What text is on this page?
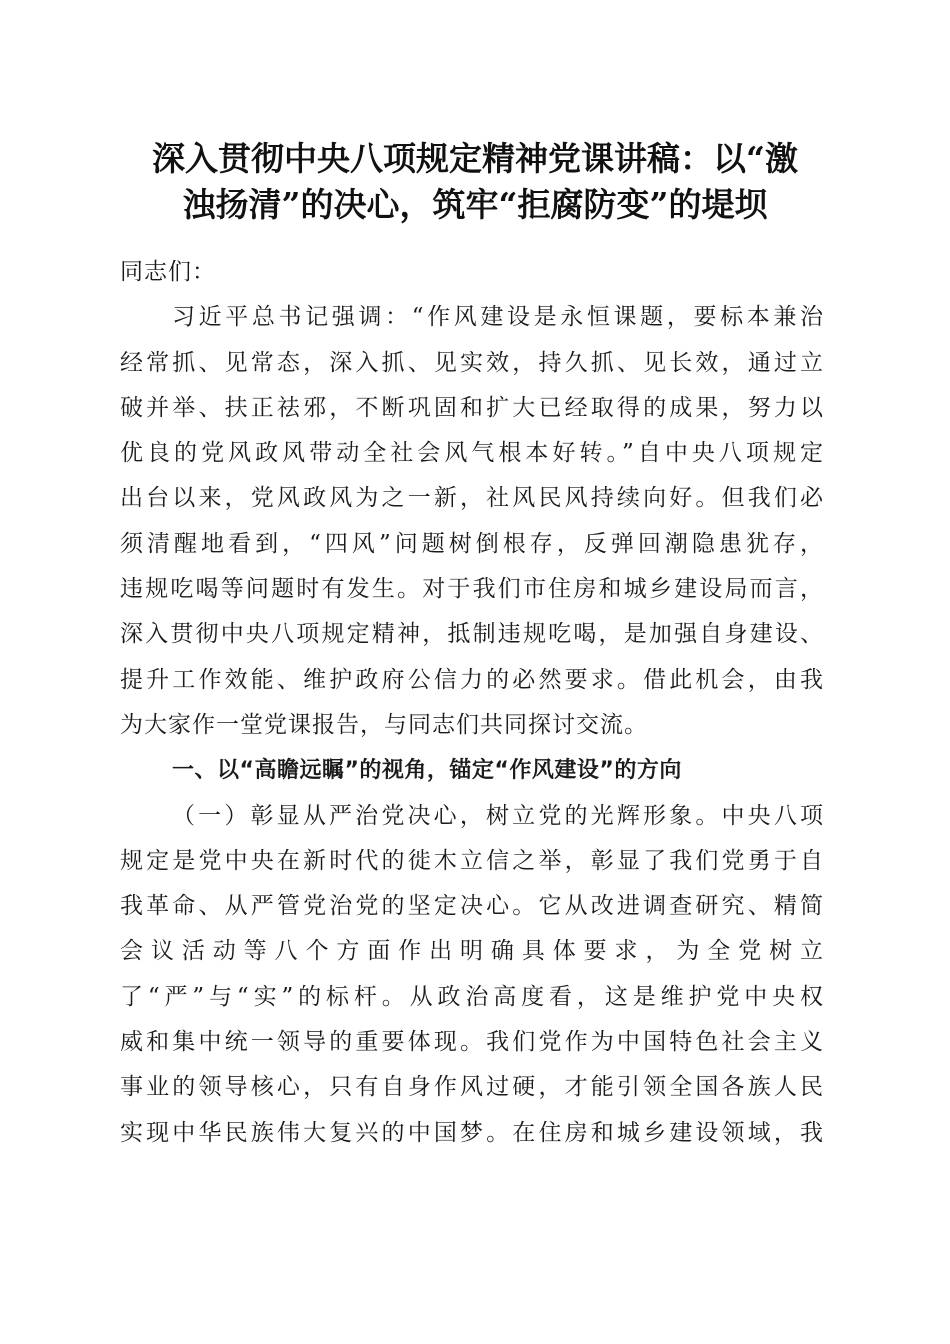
深入贯彻中央八项规定精神党课讲稿：以“激
浊扬清”的决心，筑牢“拒腐防变”的堤坝
同志们：
习近平总书记强调：“作风建设是永恒课题，要标本兼治
经常抓、见常态，深入抓、见实效，持久抓、见长效，通过立
破并举、扶正祛邪，不断巩固和扩大已经取得的成果，努力以
优良的党风政风带动全社会风气根本好转。”自中央八项规定
出台以来，党风政风为之一新，社风民风持续向好。但我们必
须清醒地看到，“四风”问题树倒根存，反弹回潮隐患犹存，
违规吃喝等问题时有发生。对于我们市住房和城乡建设局而言，
深入贯彻中央八项规定精神，抵制违规吃喝，是加强自身建设、
提升工作效能、维护政府公信力的必然要求。借此机会，由我
为大家作一堂党课报告，与同志们共同探讨交流。
一、以“高瞻远瞩”的视角，锚定“作风建设”的方向
（一）彰显从严治党决心，树立党的光辉形象。中央八项
规定是党中央在新时代的徙木立信之举，彰显了我们党勇于自
我革命、从严管党治党的坚定决心。它从改进调查研究、精简
会议活动等八个方面作出明确具体要求，为全党树立
了“严”与“实”的标杆。从政治高度看，这是维护党中央权
威和集中统一领导的重要体现。我们党作为中国特色社会主义
事业的领导核心，只有自身作风过硬，才能引领全国各族人民
实现中华民族伟大复兴的中国梦。在住房和城乡建设领域，我
